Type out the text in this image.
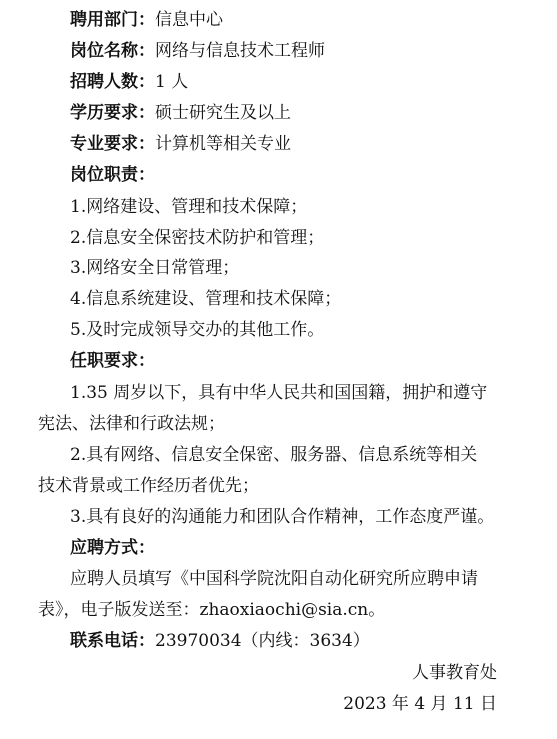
聘用部门：信息中心
岗位名称：网络与信息技术工程师
招聘人数：1 人
学历要求：硕士研究生及以上
专业要求：计算机等相关专业
岗位职责：
1.网络建设、管理和技术保障；
2.信息安全保密技术防护和管理；
3.网络安全日常管理；
4.信息系统建设、管理和技术保障；
5.及时完成领导交办的其他工作。
任职要求：
1.35 周岁以下，具有中华人民共和国国籍，拥护和遵守
宪法、法律和行政法规；
2.具有网络、信息安全保密、服务器、信息系统等相关
技术背景或工作经历者优先；
3.具有良好的沟通能力和团队合作精神，工作态度严谨。
应聘方式：
应聘人员填写《中国科学院沈阳自动化研究所应聘申请
表》，电子版发送至：zhaoxiaochi@sia.cn。
联系电话：23970034（内线：3634）
人事教育处
2023 年 4 月 11 日
